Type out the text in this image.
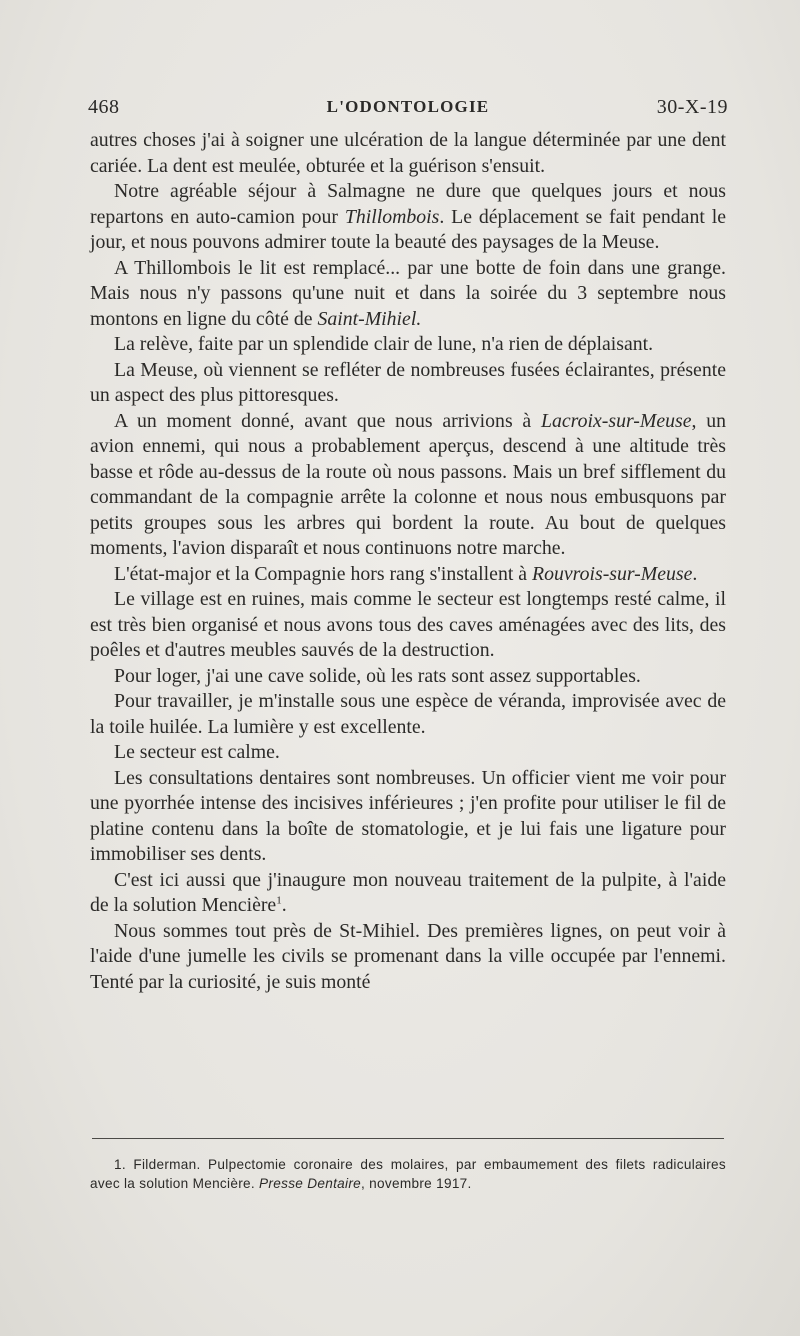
468	L'ODONTOLOGIE	30-X-19

autres choses j'ai à soigner une ulcération de la langue déterminée par une dent cariée. La dent est meulée, obturée et la guérison s'ensuit.

Notre agréable séjour à Salmagne ne dure que quelques jours et nous repartons en auto-camion pour Thillombois. Le déplacement se fait pendant le jour, et nous pouvons admirer toute la beauté des paysages de la Meuse.

A Thillombois le lit est remplacé... par une botte de foin dans une grange. Mais nous n'y passons qu'une nuit et dans la soirée du 3 septembre nous montons en ligne du côté de Saint-Mihiel.

La relève, faite par un splendide clair de lune, n'a rien de déplaisant.

La Meuse, où viennent se refléter de nombreuses fusées éclairantes, présente un aspect des plus pittoresques.

A un moment donné, avant que nous arrivions à Lacroix-sur-Meuse, un avion ennemi, qui nous a probablement aperçus, descend à une altitude très basse et rôde au-dessus de la route où nous passons. Mais un bref sifflement du commandant de la compagnie arrête la colonne et nous nous embusquons par petits groupes sous les arbres qui bordent la route. Au bout de quelques moments, l'avion disparaît et nous continuons notre marche.

L'état-major et la Compagnie hors rang s'installent à Rouvrois-sur-Meuse.

Le village est en ruines, mais comme le secteur est longtemps resté calme, il est très bien organisé et nous avons tous des caves aménagées avec des lits, des poêles et d'autres meubles sauvés de la destruction.

Pour loger, j'ai une cave solide, où les rats sont assez supportables.

Pour travailler, je m'installe sous une espèce de véranda, improvisée avec de la toile huilée. La lumière y est excellente.

Le secteur est calme.

Les consultations dentaires sont nombreuses. Un officier vient me voir pour une pyorrhée intense des incisives inférieures ; j'en profite pour utiliser le fil de platine contenu dans la boîte de stomatologie, et je lui fais une ligature pour immobiliser ses dents.

C'est ici aussi que j'inaugure mon nouveau traitement de la pulpite, à l'aide de la solution Mencière$^1$.

Nous sommes tout près de St-Mihiel. Des premières lignes, on peut voir à l'aide d'une jumelle les civils se promenant dans la ville occupée par l'ennemi. Tenté par la curiosité, je suis monté

1. Filderman. Pulpectomie coronaire des molaires, par embaumement des filets radiculaires avec la solution Mencière. Presse Dentaire, novembre 1917.
